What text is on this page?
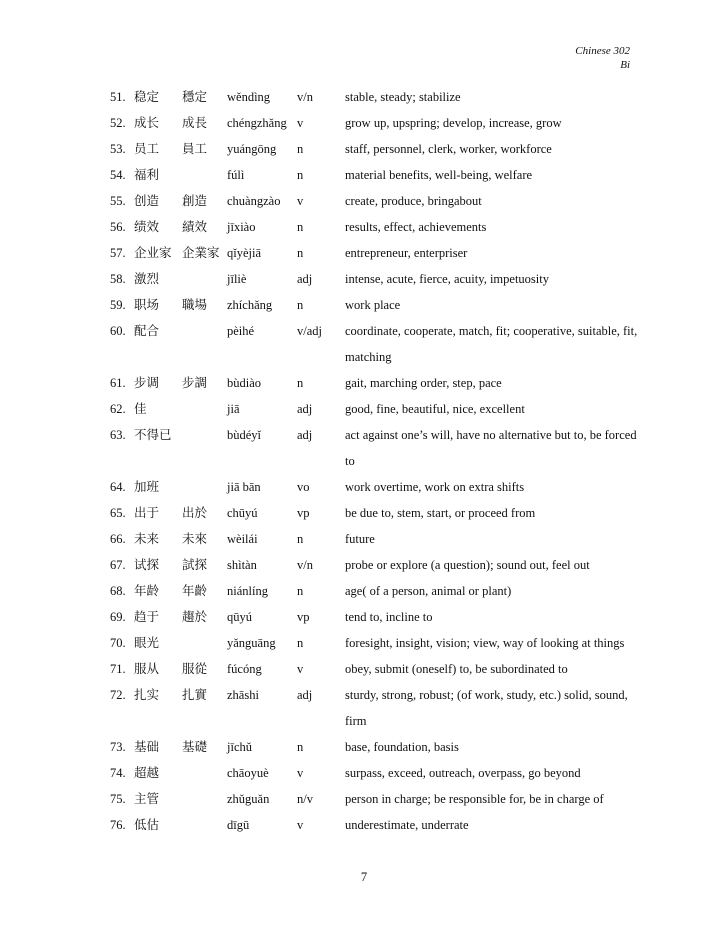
Chinese 302
Bi
51. 稳定	穩定	wěndìng	v/n	stable, steady; stabilize
52. 成长	成長	chéngzhǎng v	grow up, upspring; develop, increase, grow
53. 员工	員工	yuángōng	n	staff, personnel, clerk, worker, workforce
54. 福利	fúlì	n	material benefits, well-being, welfare
55. 创造	創造	chuàngzào	v	create, produce, bringabout
56. 绩效	績效	jīxiào	n	results, effect, achievements
57. 企业家 企業家 qǐyèjiā	n	entrepreneur, enterpriser
58. 激烈	jīliè	adj	intense, acute, fierce, acuity, impetuosity
59. 职场	職場	zhíchǎng	n	work place
60. 配合	pèihé	v/adj	coordinate, cooperate, match, fit; cooperative, suitable, fit, matching
61. 步调	步調	bùdiào	n	gait, marching order, step, pace
62. 佳	jiā	adj	good, fine, beautiful, nice, excellent
63. 不得已	bùdéyǐ	adj	act against one’s will, have no alternative but to, be forced to
64. 加班	jiā bān	vo	work overtime, work on extra shifts
65. 出于	出於	chūyú	vp	be due to, stem, start, or proceed from
66. 未来	未來	wèilái	n	future
67. 试探	試探	shìtàn	v/n	probe or explore (a question); sound out, feel out
68. 年龄	年齡	niánlíng	n	age( of a person, animal or plant)
69. 趋于	趨於	qūyú	vp	tend to, incline to
70. 眼光	yǎnguāng	n	foresight, insight, vision; view, way of looking at things
71. 服从	服從	fúcóng	v	obey, submit (oneself) to, be subordinated to
72. 扎实	扎實	zhāshi	adj	sturdy, strong, robust; (of work, study, etc.) solid, sound, firm
73. 基础	基礎	jīchǔ	n	base, foundation, basis
74. 超越	chāoyuè	v	surpass, exceed, outreach, overpass, go beyond
75. 主管	zhǔguǎn	n/v	person in charge; be responsible for, be in charge of
76. 低估	dīgū	v	underestimate, underrate
7
